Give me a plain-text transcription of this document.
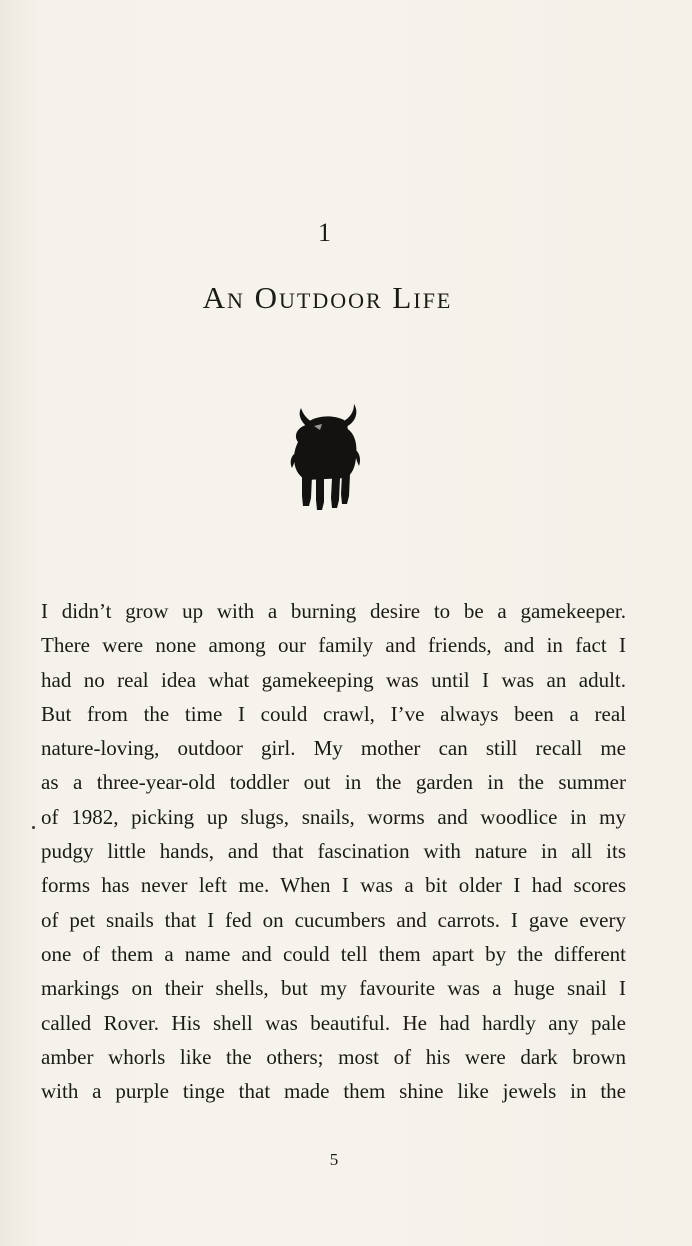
1
An Outdoor Life
I didn’t grow up with a burning desire to be a gamekeeper.
There were none among our family and friends, and in fact I
had no real idea what gamekeeping was until I was an adult.
But from the time I could crawl, I’ve always been a real
nature-loving, outdoor girl. My mother can still recall me
as a three-year-old toddler out in the garden in the summer
of 1982, picking up slugs, snails, worms and woodlice in my
pudgy little hands, and that fascination with nature in all its
forms has never left me. When I was a bit older I had scores
of pet snails that I fed on cucumbers and carrots. I gave every
one of them a name and could tell them apart by the different
markings on their shells, but my favourite was a huge snail I
called Rover. His shell was beautiful. He had hardly any pale
amber whorls like the others; most of his were dark brown
with a purple tinge that made them shine like jewels in the
5
